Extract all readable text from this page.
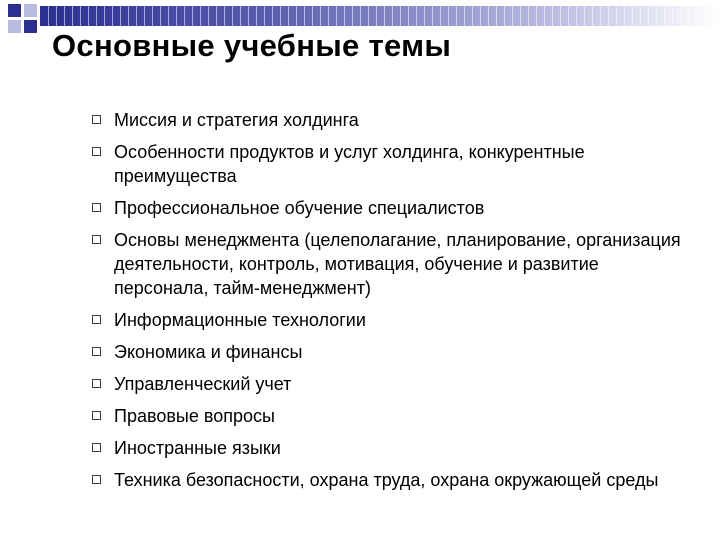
Основные учебные темы
Миссия и стратегия холдинга
Особенности продуктов и услуг холдинга, конкурентные преимущества
Профессиональное обучение специалистов
Основы менеджмента (целеполагание, планирование, организация деятельности, контроль, мотивация, обучение и развитие персонала, тайм-менеджмент)
Информационные технологии
Экономика и финансы
Управленческий учет
Правовые вопросы
Иностранные языки
Техника безопасности, охрана труда, охрана окружающей среды
